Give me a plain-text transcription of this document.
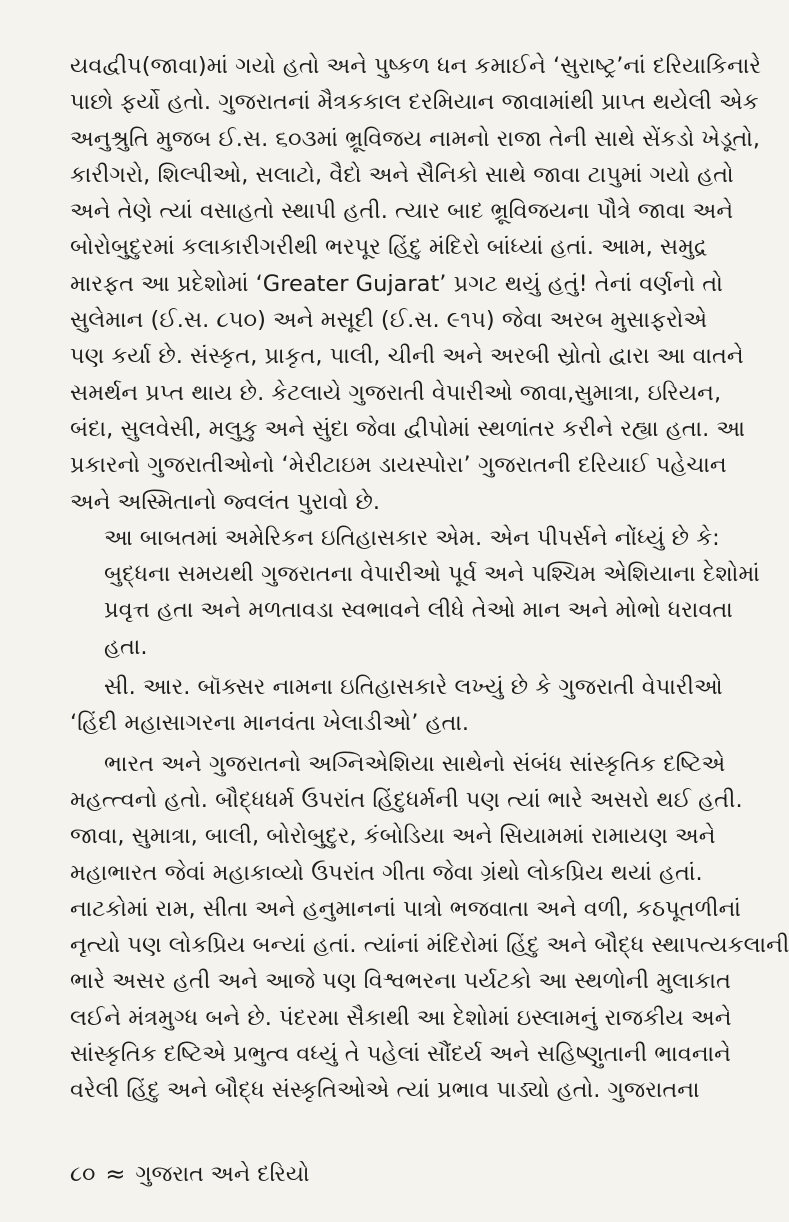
યવદ્વીપ(જાવા)માં ગયો હતો અને પુષ્કળ ધન કમાઈને ‘સુરાષ્ટ્ર’નાં દરિયાકિનારે
પાછો ફર્યો હતો. ગુજરાતનાં મૈત્રકકાલ દરમિયાન જાવામાંથી પ્રાપ્ત થયેલી એક
અનુશ્રુતિ મુજબ ઈ.સ. ૬૦૩માં ભ્રૂવિજય નામનો રાજા તેની સાથે સેંકડો ખેડૂતો,
કારીગરો, શિલ્પીઓ, સલાટો, વૈદો અને સૈનિકો સાથે જાવા ટાપુમાં ગયો હતો
અને તેણે ત્યાં વસાહતો સ્થાપી હતી. ત્યાર બાદ ભ્રૂવિજયના પૌત્રે જાવા અને
બોરોબુદુરમાં કલાકારીગરીથી ભરપૂર હિંદુ મંદિરો બાંધ્યાં હતાં. આમ, સમુદ્ર
મારફત આ પ્રદેશોમાં ‘Greater Gujarat’ પ્રગટ થયું હતું! તેનાં વર્ણનો તો
સુલેમાન (ઈ.સ. ૮૫૦) અને મસૂદી (ઈ.સ. ૯૧૫) જેવા અરબ મુસાફરોએ
પણ કર્યા છે. સંસ્કૃત, પ્રાકૃત, પાલી, ચીની અને અરબી સ્રોતો દ્વારા આ વાતને
સમર્થન પ્રપ્ત થાય છે. કેટલાયે ગુજરાતી વેપારીઓ જાવા,સુમાત્રા, ઇરિયન,
બંદા, સુલવેસી, મલુકુ અને સુંદા જેવા દ્વીપોમાં સ્થળાંતર કરીને રહ્યા હતા. આ
પ્રકારનો ગુજરાતીઓનો ‘મેરીટાઇમ ડાયસ્પોરા’ ગુજરાતની દરિયાઈ પહેચાન
અને અસ્મિતાનો જ્વલંત પુરાવો છે.
આ બાબતમાં અમેરિકન ઇતિહાસકાર એમ. એન પીપર્સને નોંધ્યું છે કે:
બુદ્ધના સમયથી ગુજરાતના વેપારીઓ પૂર્વ અને પશ્ચિમ એશિયાના દેશોમાં
પ્રવૃત્ત હતા અને મળતાવડા સ્વભાવને લીધે તેઓ માન અને મોભો ધરાવતા
હતા.
સી. આર. બૉક્સર નામના ઇતિહાસકારે લખ્યું છે કે ગુજરાતી વેપારીઓ
‘હિંદી મહાસાગરના માનવંતા ખેલાડીઓ’ હતા.
ભારત અને ગુજરાતનો અગ્નિએશિયા સાથેનો સંબંધ સાંસ્કૃતિક દષ્ટિએ
મહત્ત્વનો હતો. બૌદ્ધધર્મ ઉપરાંત હિંદુધર્મની પણ ત્યાં ભારે અસરો થઈ હતી.
જાવા, સુમાત્રા, બાલી, બોરોબુદુર, કંબોડિયા અને સિયામમાં રામાયણ અને
મહાભારત જેવાં મહાકાવ્યો ઉપરાંત ગીતા જેવા ગ્રંથો લોકપ્રિય થયાં હતાં.
નાટકોમાં રામ, સીતા અને હનુમાનનાં પાત્રો ભજવાતા અને વળી, કઠપૂતળીનાં
નૃત્યો પણ લોકપ્રિય બન્યાં હતાં. ત્યાંનાં મંદિરોમાં હિંદુ અને બૌદ્ધ સ્થાપત્યકલાની
ભારે અસર હતી અને આજે પણ વિશ્વભરના પર્યટકો આ સ્થળોની મુલાકાત
લઈને મંત્રમુગ્ધ બને છે. પંદરમા સૈકાથી આ દેશોમાં ઇસ્લામનું રાજકીય અને
સાંસ્કૃતિક દષ્ટિએ પ્રભુત્વ વધ્યું તે પહેલાં સૌંદર્ય અને સહિષ્ણુતાની ભાવનાને
વરેલી હિંદુ અને બૌદ્ધ સંસ્કૃતિઓએ ત્યાં પ્રભાવ પાડ્યો હતો. ગુજરાતના
૮૦ ≈ ગુજરાત અને દરિયો
